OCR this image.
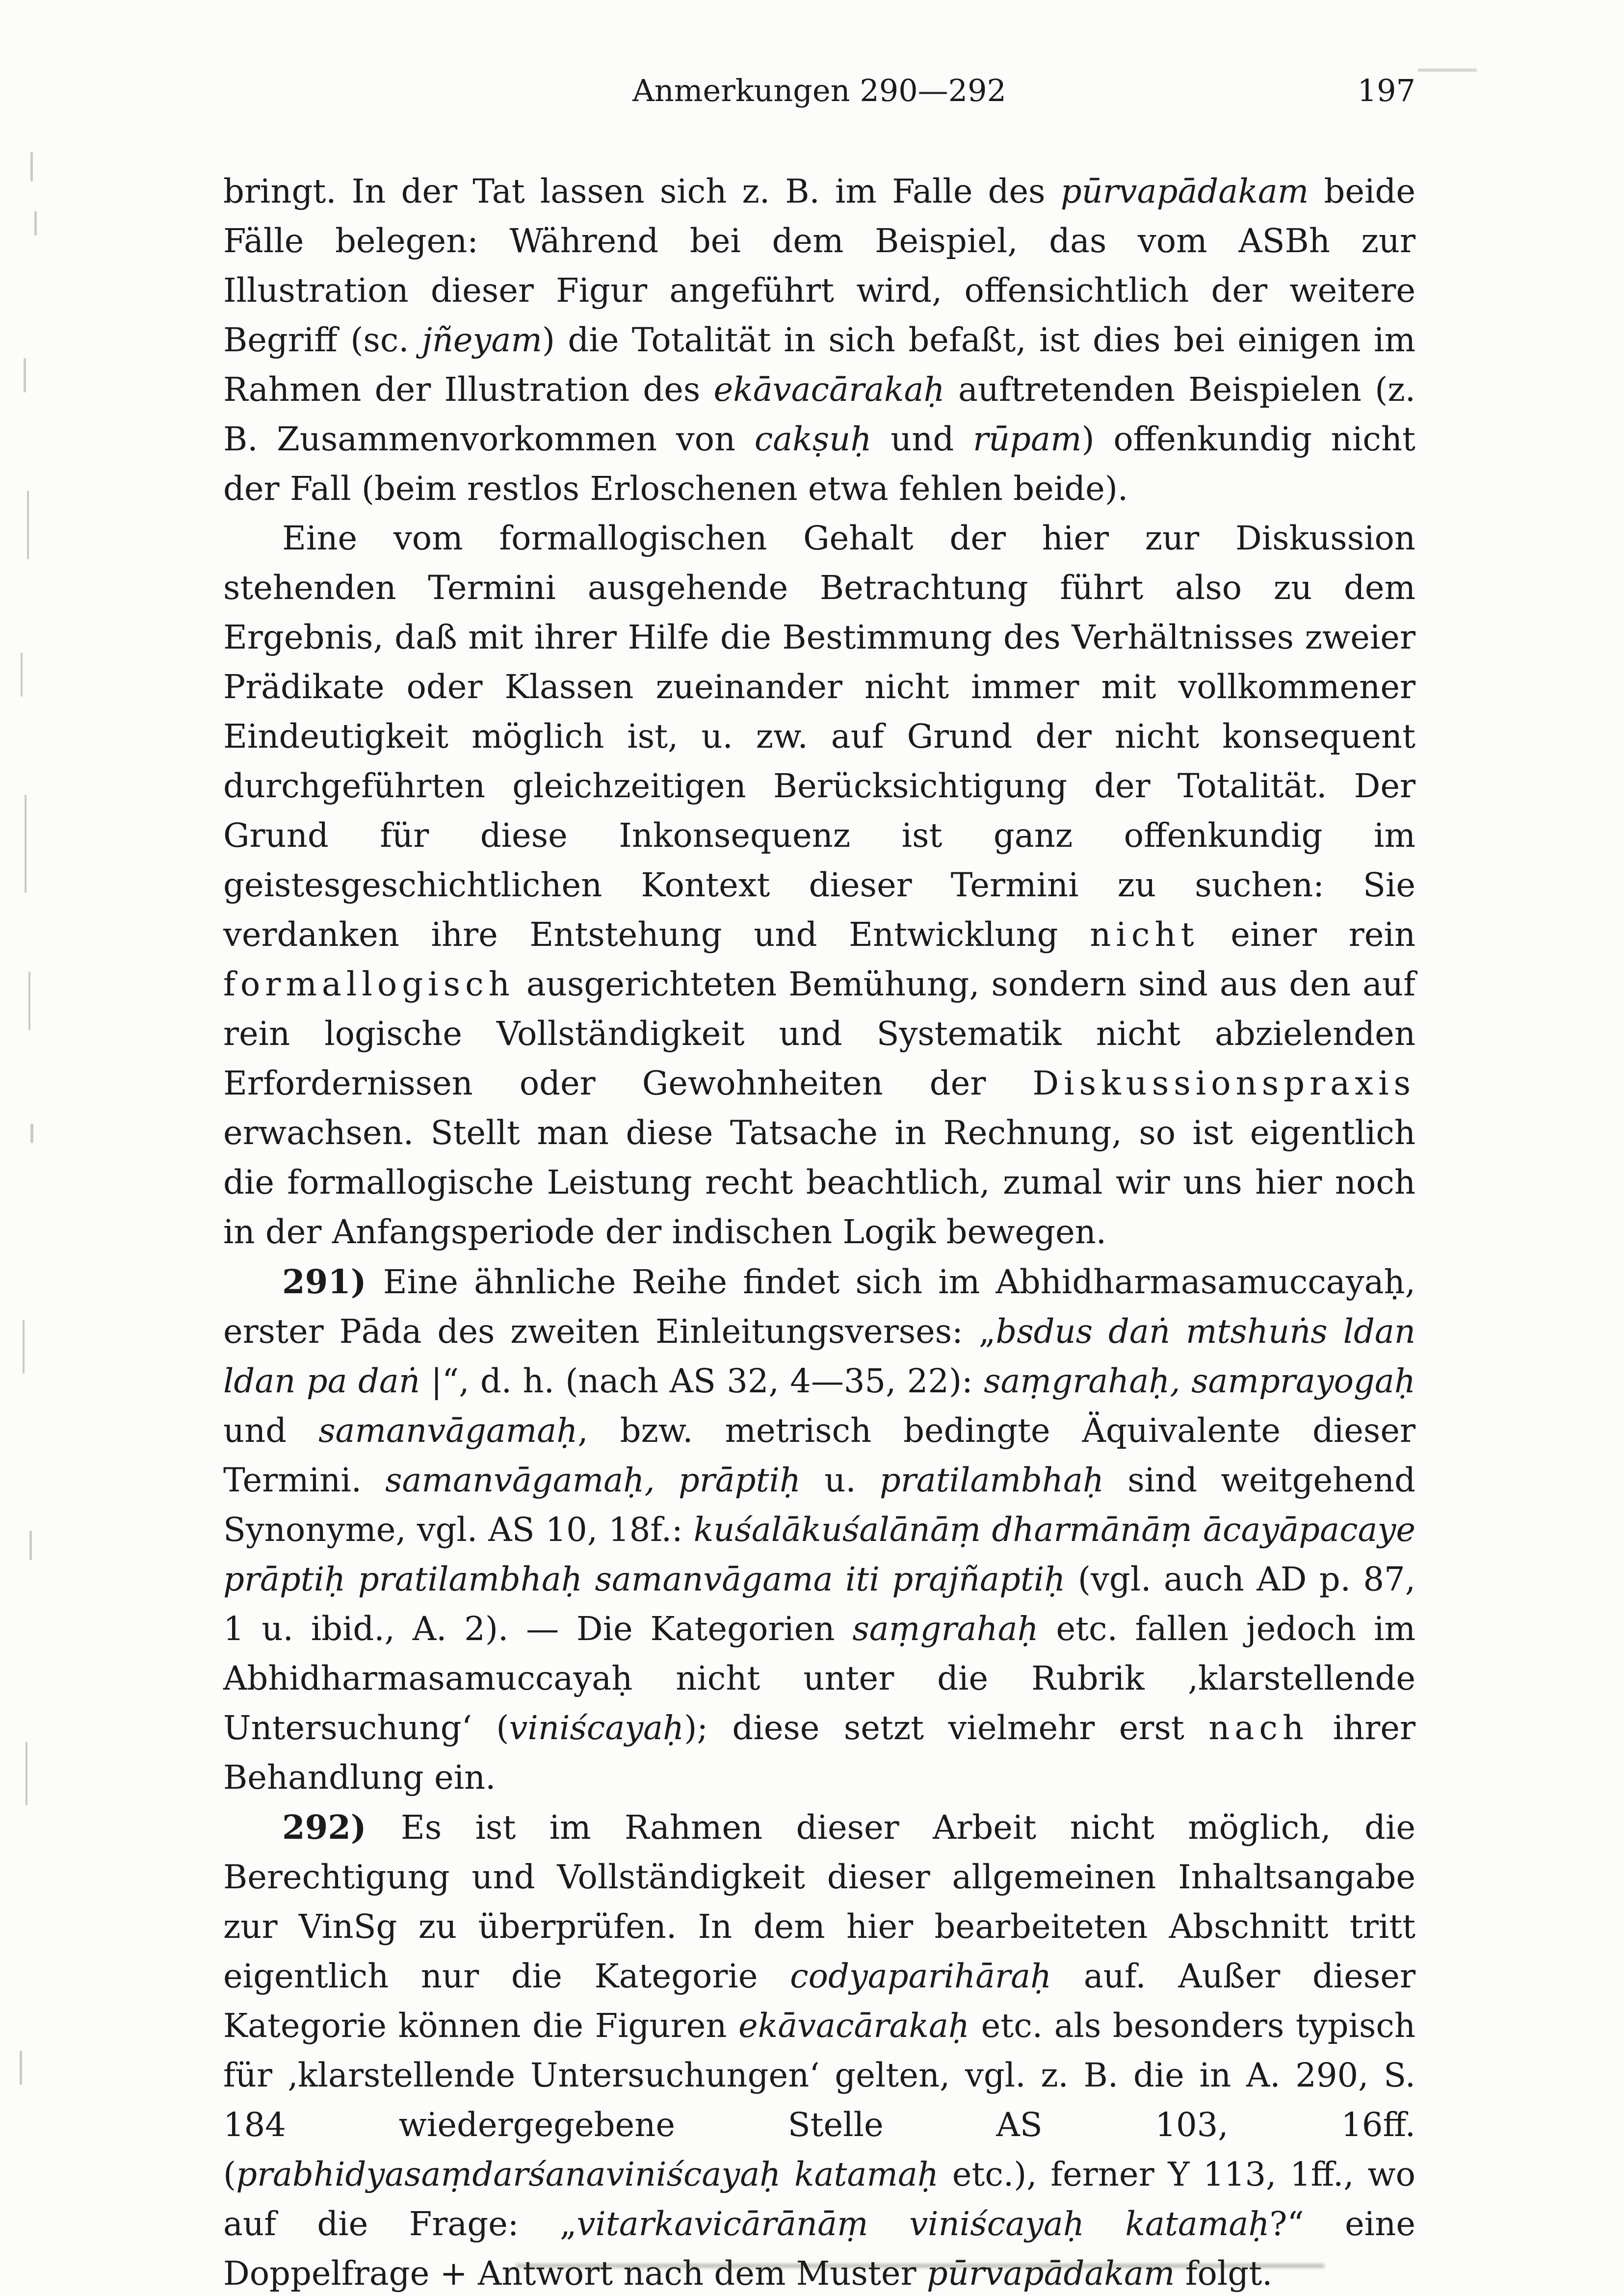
Anmerkungen 290—292	197

bringt. In der Tat lassen sich z. B. im Falle des pūrvapādakam beide Fälle belegen: Während bei dem Beispiel, das vom ASBh zur Illustration dieser Figur angeführt wird, offensichtlich der weitere Begriff (sc. jñeyam) die Totalität in sich befaßt, ist dies bei einigen im Rahmen der Illustration des ekāvacārakaḥ auftretenden Beispielen (z. B. Zusammenvorkommen von cakṣuḥ und rūpam) offenkundig nicht der Fall (beim restlos Erloschenen etwa fehlen beide).

Eine vom formallogischen Gehalt der hier zur Diskussion stehenden Termini ausgehende Betrachtung führt also zu dem Ergebnis, daß mit ihrer Hilfe die Bestimmung des Verhältnisses zweier Prädikate oder Klassen zueinander nicht immer mit vollkommener Eindeutigkeit möglich ist, u. zw. auf Grund der nicht konsequent durchgeführten gleichzeitigen Berücksichtigung der Totalität. Der Grund für diese Inkonsequenz ist ganz offenkundig im geistesgeschichtlichen Kontext dieser Termini zu suchen: Sie verdanken ihre Entstehung und Entwicklung nicht einer rein formallogisch ausgerichteten Bemühung, sondern sind aus den auf rein logische Vollständigkeit und Systematik nicht abzielenden Erfordernissen oder Gewohnheiten der Diskussionspraxis erwachsen. Stellt man diese Tatsache in Rechnung, so ist eigentlich die formallogische Leistung recht beachtlich, zumal wir uns hier noch in der Anfangsperiode der indischen Logik bewegen.

291) Eine ähnliche Reihe findet sich im Abhidharmasamuccayaḥ, erster Pāda des zweiten Einleitungsverses: „bsdus daṅ mtshuṅs ldan ldan pa daṅ |“, d. h. (nach AS 32, 4—35, 22): saṃgrahaḥ, samprayogaḥ und samanvāgamaḥ, bzw. metrisch bedingte Äquivalente dieser Termini. samanvāgamaḥ, prāptiḥ u. pratilambhaḥ sind weitgehend Synonyme, vgl. AS 10, 18f.: kuśalākuśalānāṃ dharmānāṃ ācayāpacaye prāptiḥ pratilambhaḥ samanvāgama iti prajñaptiḥ (vgl. auch AD p. 87, 1 u. ibid., A. 2). — Die Kategorien saṃgrahaḥ etc. fallen jedoch im Abhidharmasamuccayaḥ nicht unter die Rubrik ‚klarstellende Untersuchung‘ (viniścayaḥ); diese setzt vielmehr erst nach ihrer Behandlung ein.

292) Es ist im Rahmen dieser Arbeit nicht möglich, die Berechtigung und Vollständigkeit dieser allgemeinen Inhaltsangabe zur VinSg zu überprüfen. In dem hier bearbeiteten Abschnitt tritt eigentlich nur die Kategorie codyaparihāraḥ auf. Außer dieser Kategorie können die Figuren ekāvacārakaḥ etc. als besonders typisch für ‚klarstellende Untersuchungen‘ gelten, vgl. z. B. die in A. 290, S. 184 wiedergegebene Stelle AS 103, 16ff. (prabhidyasaṃdarśanaviniścayaḥ katamaḥ etc.), ferner Y 113, 1ff., wo auf die Frage: „vitarkavicārānāṃ viniścayaḥ katamaḥ?“ eine Doppelfrage + Antwort nach dem Muster pūrvapādakam folgt.
